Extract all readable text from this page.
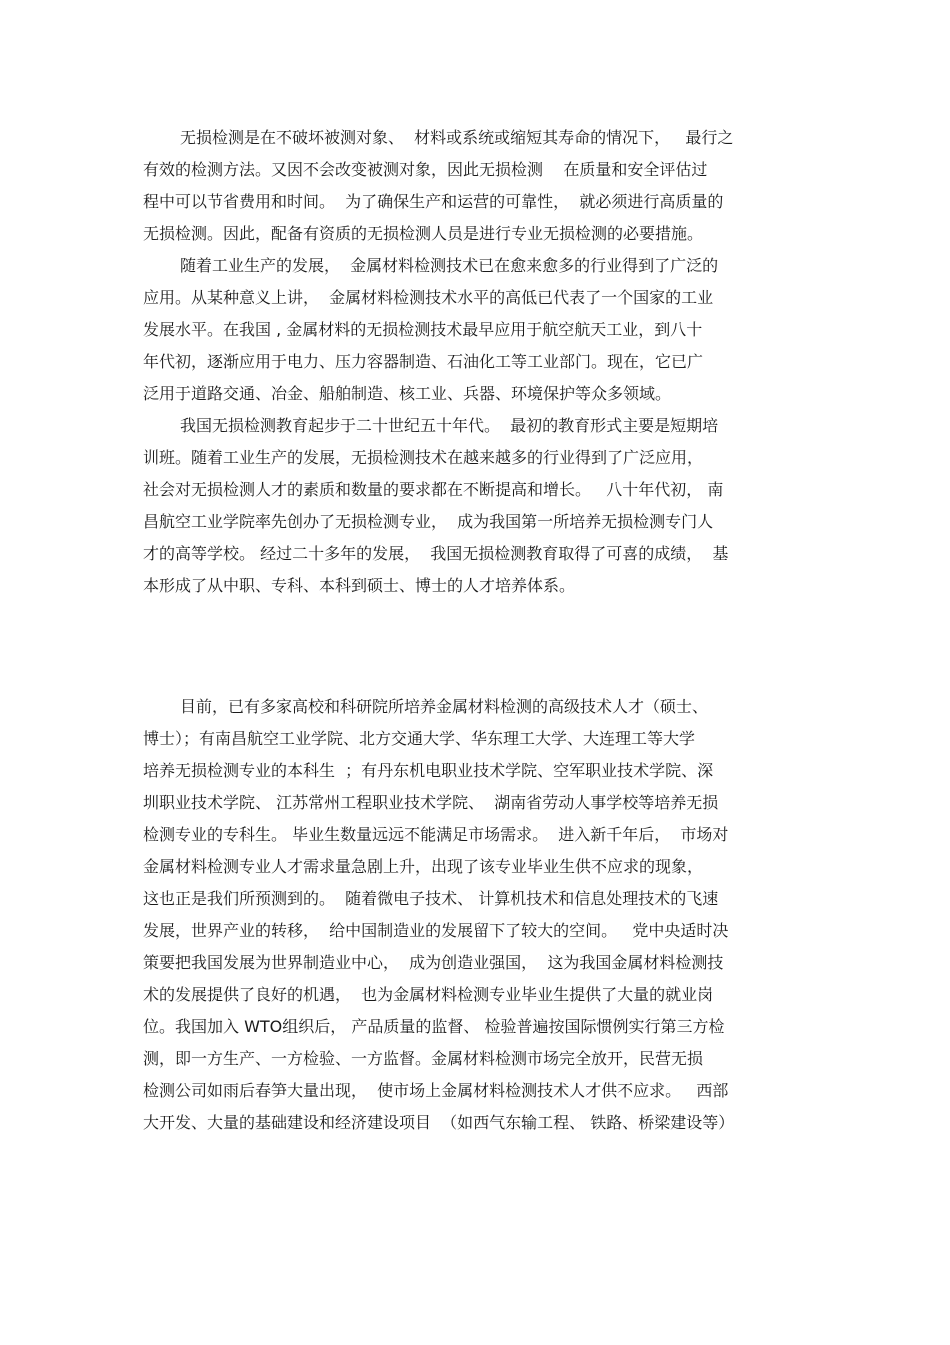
无损检测是在不破坏被测对象、  材料或系统或缩短其寿命的情况下，   最行之
有效的检测方法。又因不会改变被测对象，因此无损检测    在质量和安全评估过
程中可以节省费用和时间。  为了确保生产和运营的可靠性，  就必须进行高质量的
无损检测。因此，配备有资质的无损检测人员是进行专业无损检测的必要措施。

随着工业生产的发展，  金属材料检测技术已在愈来愈多的行业得到了广泛的
应用。从某种意义上讲，  金属材料检测技术水平的高低已代表了一个国家的工业
发展水平。在我国 , 金属材料的无损检测技术最早应用于航空航天工业，到八十
年代初，逐渐应用于电力、压力容器制造、石油化工等工业部门。现在，它已广
泛用于道路交通、冶金、船舶制造、核工业、兵器、环境保护等众多领域。

我国无损检测教育起步于二十世纪五十年代。  最初的教育形式主要是短期培
训班。随着工业生产的发展，无损检测技术在越来越多的行业得到了广泛应用，
社会对无损检测人才的素质和数量的要求都在不断提高和增长。   八十年代初， 南
昌航空工业学院率先创办了无损检测专业，  成为我国第一所培养无损检测专门人
才的高等学校。 经过二十多年的发展，  我国无损检测教育取得了可喜的成绩，  基
本形成了从中职、专科、本科到硕士、博士的人才培养体系。

目前，已有多家高校和科研院所培养金属材料检测的高级技术人才（硕士、
博士）；有南昌航空工业学院、北方交通大学、华东理工大学、大连理工等大学
培养无损检测专业的本科生  ；有丹东机电职业技术学院、空军职业技术学院、深
圳职业技术学院、 江苏常州工程职业技术学院、  湖南省劳动人事学校等培养无损
检测专业的专科生。 毕业生数量远远不能满足市场需求。  进入新千年后，  市场对
金属材料检测专业人才需求量急剧上升，出现了该专业毕业生供不应求的现象，
这也正是我们所预测到的。  随着微电子技术、 计算机技术和信息处理技术的飞速
发展，世界产业的转移，  给中国制造业的发展留下了较大的空间。   党中央适时决
策要把我国发展为世界制造业中心，  成为创造业强国，  这为我国金属材料检测技
术的发展提供了良好的机遇，  也为金属材料检测专业毕业生提供了大量的就业岗
位。我国加入 WTO组织后， 产品质量的监督、 检验普遍按国际惯例实行第三方检
测，即一方生产、一方检验、一方监督。金属材料检测市场完全放开，民营无损
检测公司如雨后春笋大量出现，  使市场上金属材料检测技术人才供不应求。   西部
大开发、大量的基础建设和经济建设项目  （如西气东输工程、 铁路、桥梁建设等）
